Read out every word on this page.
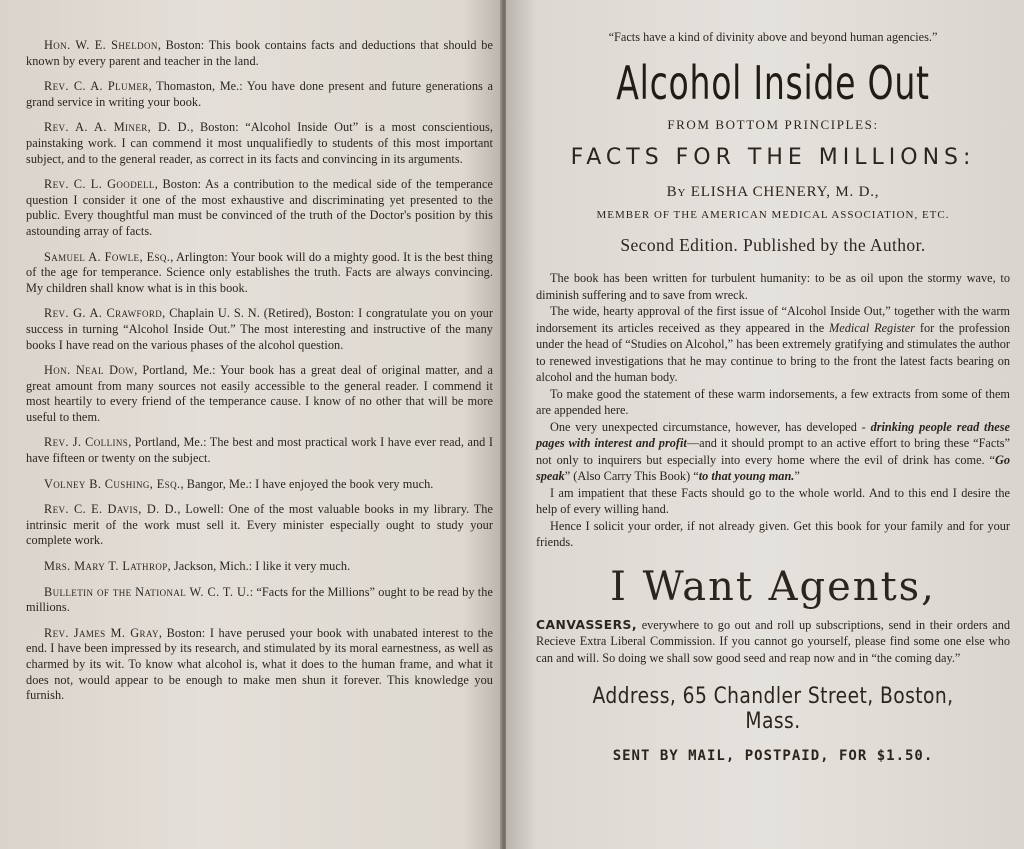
Hon. W. E. Sheldon, Boston: This book contains facts and deductions that should be known by every parent and teacher in the land.

Rev. C. A. Plumer, Thomaston, Me.: You have done present and future generations a grand service in writing your book.

Rev. A. A. Miner, D. D., Boston: “Alcohol Inside Out” is a most conscientious, painstaking work. I can commend it most unqualifiedly to students of this most important subject, and to the general reader, as correct in its facts and convincing in its arguments.

Rev. C. L. Goodell, Boston: As a contribution to the medical side of the temperance question I consider it one of the most exhaustive and discriminating yet presented to the public. Every thoughtful man must be convinced of the truth of the Doctor's position by this astounding array of facts.

Samuel A. Fowle, Esq., Arlington: Your book will do a mighty good. It is the best thing of the age for temperance. Science only establishes the truth. Facts are always convincing. My children shall know what is in this book.

Rev. G. A. Crawford, Chaplain U. S. N. (Retired), Boston: I congratulate you on your success in turning “Alcohol Inside Out.” The most interesting and instructive of the many books I have read on the various phases of the alcohol question.

Hon. Neal Dow, Portland, Me.: Your book has a great deal of original matter, and a great amount from many sources not easily accessible to the general reader. I commend it most heartily to every friend of the temperance cause. I know of no other that will be more useful to them.

Rev. J. Collins, Portland, Me.: The best and most practical work I have ever read, and I have fifteen or twenty on the subject.

Volney B. Cushing, Esq., Bangor, Me.: I have enjoyed the book very much.

Rev. C. E. Davis, D. D., Lowell: One of the most valuable books in my library. The intrinsic merit of the work must sell it. Every minister especially ought to study your complete work.

Mrs. Mary T. Lathrop, Jackson, Mich.: I like it very much.

Bulletin of the National W. C. T. U.: “Facts for the Millions” ought to be read by the millions.

Rev. James M. Gray, Boston: I have perused your book with unabated interest to the end. I have been impressed by its research, and stimulated by its moral earnestness, as well as charmed by its wit. To know what alcohol is, what it does to the human frame, and what it does not, would appear to be enough to make men shun it forever. This knowledge you furnish.

“Facts have a kind of divinity above and beyond human agencies.”

Alcohol Inside Out

FROM BOTTOM PRINCIPLES:

FACTS FOR THE MILLIONS:

By ELISHA CHENERY, M. D.,

MEMBER OF THE AMERICAN MEDICAL ASSOCIATION, ETC.

Second Edition. Published by the Author.

The book has been written for turbulent humanity: to be as oil upon the stormy wave, to diminish suffering and to save from wreck.

The wide, hearty approval of the first issue of “Alcohol Inside Out,” together with the warm indorsement its articles received as they appeared in the Medical Register for the profession under the head of “Studies on Alcohol,” has been extremely gratifying and stimulates the author to renewed investigations that he may continue to bring to the front the latest facts bearing on alcohol and the human body.

To make good the statement of these warm indorsements, a few extracts from some of them are appended here.

One very unexpected circumstance, however, has developed - drinking people read these pages with interest and profit—and it should prompt to an active effort to bring these “Facts” not only to inquirers but especially into every home where the evil of drink has come. “Go speak” (Also Carry This Book) “to that young man.”

I am impatient that these Facts should go to the whole world. And to this end I desire the help of every willing hand.

Hence I solicit your order, if not already given. Get this book for your family and for your friends.

I Want Agents,

CANVASSERS, everywhere to go out and roll up subscriptions, send in their orders and Recieve Extra Liberal Commission. If you cannot go yourself, please find some one else who can and will. So doing we shall sow good seed and reap now and in “the coming day.”

Address, 65 Chandler Street, Boston, Mass.

SENT BY MAIL, POSTPAID, FOR $1.50.
